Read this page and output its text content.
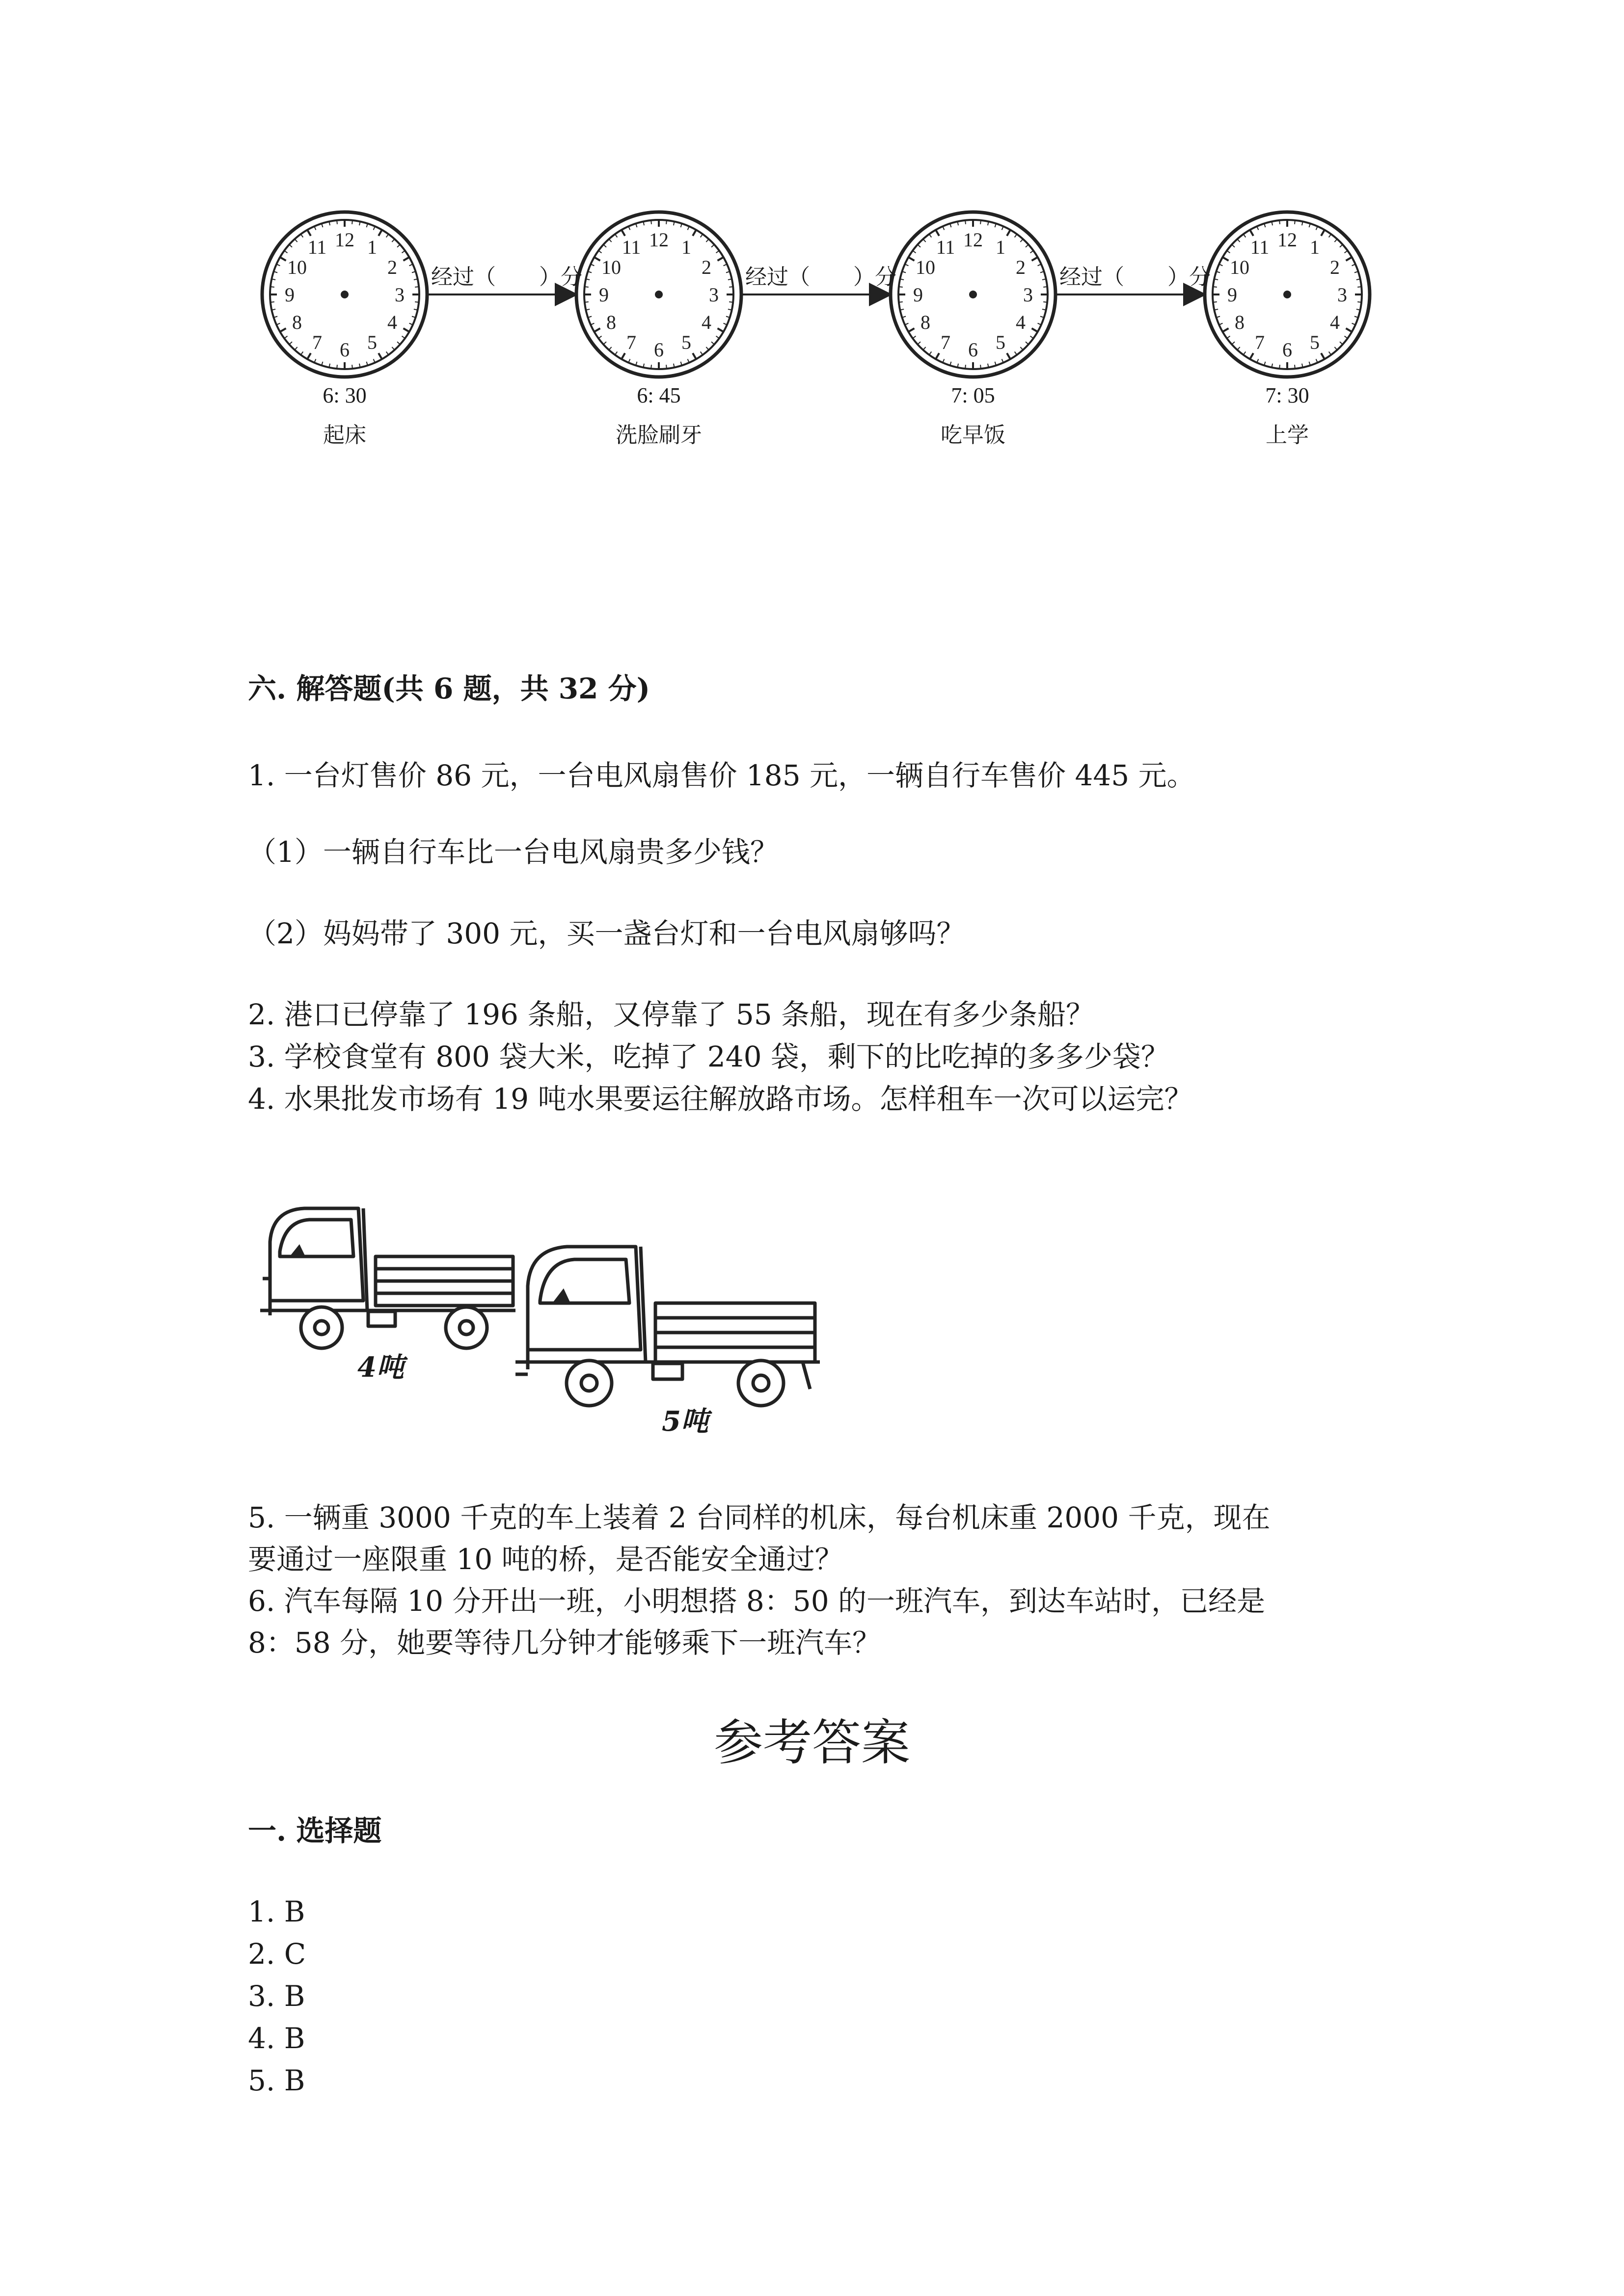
12 1
2
3
4
5
6
7
8
9
10
11	12 1
2
3
4
5
6
7
8
9
10
11	12 1
2
3
4
5
6
7
8
9
10
11	12 1
2
3
4
5
6
7
8
9
10
11
6: 30
起床
6: 45
洗脸刷牙
7: 05
吃早饭
7: 30
上学
经过（　　）分	经过（　　）分	经过（　　）分
六. 解答题(共 6 题，共 32 分)
1. 一台灯售价 86 元，一台电风扇售价 185 元，一辆自行车售价 445 元。
（1）一辆自行车比一台电风扇贵多少钱？
（2）妈妈带了 300 元，买一盏台灯和一台电风扇够吗？
2. 港口已停靠了 196 条船，又停靠了 55 条船，现在有多少条船？
3. 学校食堂有 800 袋大米，吃掉了 240 袋，剩下的比吃掉的多多少袋？
4. 水果批发市场有 19 吨水果要运往解放路市场。怎样租车一次可以运完？
4吨
5吨
5. 一辆重 3000 千克的车上装着 2 台同样的机床，每台机床重 2000 千克，现在
要通过一座限重 10 吨的桥，是否能安全通过？
6. 汽车每隔 10 分开出一班，小明想搭 8：50 的一班汽车，到达车站时，已经是
8：58 分，她要等待几分钟才能够乘下一班汽车？
参考答案
一. 选择题
1. B
2. C
3. B
4. B
5. B
